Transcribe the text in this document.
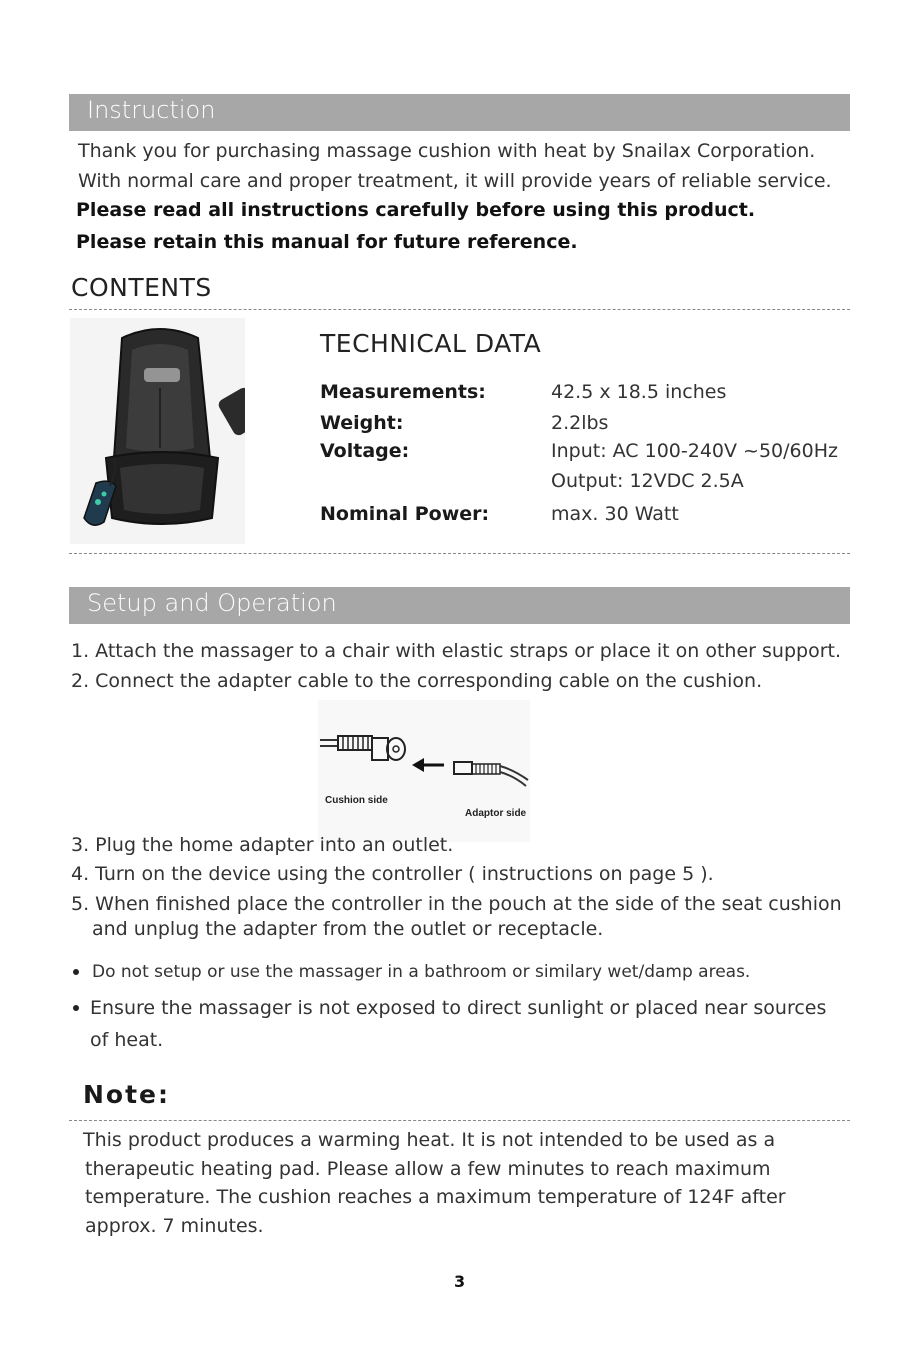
Instruction
Thank you for purchasing massage cushion with heat by Snailax Corporation.
With normal care and proper treatment, it will provide years of reliable service.
Please read all instructions carefully before using this product.
Please retain this manual for future reference.
CONTENTS
TECHNICAL DATA
Measurements:	42.5 x 18.5 inches
Weight:	2.2lbs
Voltage:	Input: AC 100-240V ~50/60Hz
Output: 12VDC 2.5A
Nominal Power:	max. 30 Watt
Setup and Operation
1. Attach the massager to a chair with elastic straps or place it on other support.
2. Connect the adapter cable to the corresponding cable on the cushion.
Cushion side
Adaptor side
3. Plug the home adapter into an outlet.
4. Turn on the device using the controller ( instructions on page 5 ).
5. When finished place the controller in the pouch at the side of the seat cushion
and unplug the adapter from the outlet or receptacle.
Do not setup or use the massager in a bathroom or similary wet/damp areas.
Ensure the massager is not exposed to direct sunlight or placed near sources
of heat.
Note:
This product produces a warming heat. It is not intended to be used as a
therapeutic heating pad. Please allow a few minutes to reach maximum
temperature. The cushion reaches a maximum temperature of 124F after
approx. 7 minutes.
3
